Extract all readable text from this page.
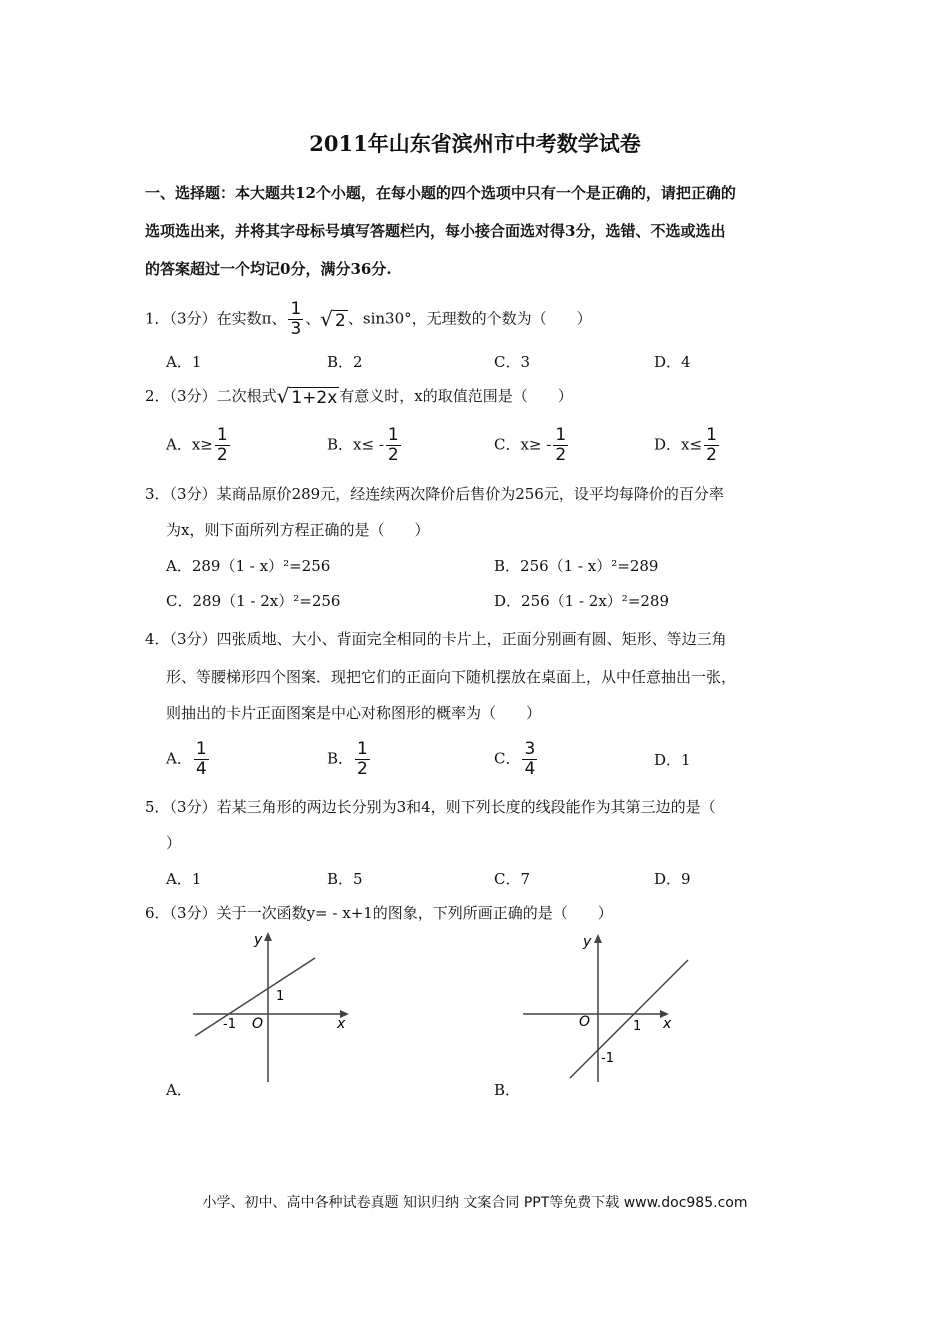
2011年山东省滨州市中考数学试卷
一、选择题：本大题共12个小题，在每小题的四个选项中只有一个是正确的，请把正确的
选项选出来，并将其字母标号填写答题栏内，每小接合面选对得3分，选错、不选或选出
的答案超过一个均记0分，满分36分.
1．（3分）在实数π、 $\frac{1}{3}$ 、√ 2 、sin30°，无理数的个数为（　　）
A．1	B．2	C．3	D．4
2．（3分）二次根式√ 1+2x 有意义时，x的取值范围是（　　）
A．$x\ge \frac{1}{2}$	B．$x\le - \frac{1}{2}$	C．$x\ge - \frac{1}{2}$	D．$x\le \frac{1}{2}$
3．（3分）某商品原价289元，经连续两次降价后售价为256元，设平均每降价的百分率
为x，则下面所列方程正确的是（　　）
A．289（1 - x）²=256	B．256（1 - x）²=289
C．289（1 - 2x）²=256	D．256（1 - 2x）²=289
4．（3分）四张质地、大小、背面完全相同的卡片上，正面分别画有圆、矩形、等边三角
形、等腰梯形四个图案．现把它们的正面向下随机摆放在桌面上，从中任意抽出一张，
则抽出的卡片正面图案是中心对称图形的概率为（　　）
A． $\frac{1}{4}$	B． $\frac{1}{2}$	C． $\frac{3}{4}$	D．1
5．（3分）若某三角形的两边长分别为3和4，则下列长度的线段能作为其第三边的是（
）
A．1	B．5	C．7	D．9
6．（3分）关于一次函数y= - x+1的图象，下列所画正确的是（　　）
y
x
O
1
-1
A．
y
x
O	1
-1
B．
小学、初中、高中各种试卷真题 知识归纳 文案合同 PPT等免费下载 www.doc985.com
